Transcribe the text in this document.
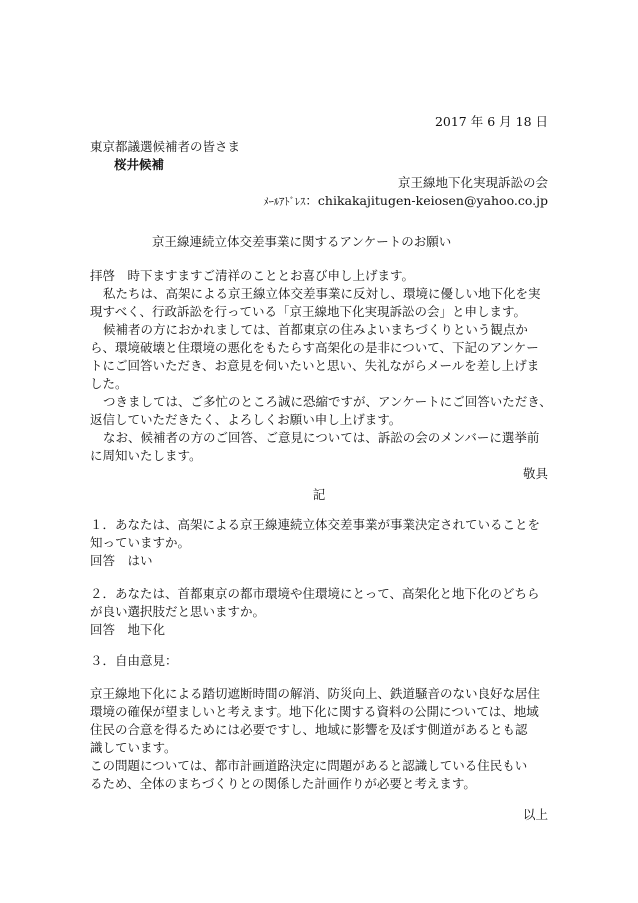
2017 年 6 月 18 日
東京都議選候補者の皆さま
桜井候補
京王線地下化実現訴訟の会
ﾒｰﾙｱﾄﾞﾚｽ：chikakajitugen-keiosen@yahoo.co.jp
京王線連続立体交差事業に関するアンケートのお願い
拝啓　時下ますますご清祥のこととお喜び申し上げます。
私たちは、高架による京王線立体交差事業に反対し、環境に優しい地下化を実
現すべく、行政訴訟を行っている「京王線地下化実現訴訟の会」と申します。
候補者の方におかれましては、首都東京の住みよいまちづくりという観点か
ら、環境破壊と住環境の悪化をもたらす高架化の是非について、下記のアンケー
トにご回答いただき、お意見を伺いたいと思い、失礼ながらメールを差し上げま
した。
つきましては、ご多忙のところ誠に恐縮ですが、アンケートにご回答いただき、
返信していただきたく、よろしくお願い申し上げます。
なお、候補者の方のご回答、ご意見については、訴訟の会のメンバーに選挙前
に周知いたします。
敬具
記
１．あなたは、高架による京王線連続立体交差事業が事業決定されていることを
知っていますか。
回答　はい
２．あなたは、首都東京の都市環境や住環境にとって、高架化と地下化のどちら
が良い選択肢だと思いますか。
回答　地下化
３．自由意見：
京王線地下化による踏切遮断時間の解消、防災向上、鉄道騒音のない良好な居住
環境の確保が望ましいと考えます。地下化に関する資料の公開については、地域
住民の合意を得るためには必要ですし、地域に影響を及ぼす側道があるとも認
識しています。
この問題については、都市計画道路決定に問題があると認識している住民もい
るため、全体のまちづくりとの関係した計画作りが必要と考えます。
以上
